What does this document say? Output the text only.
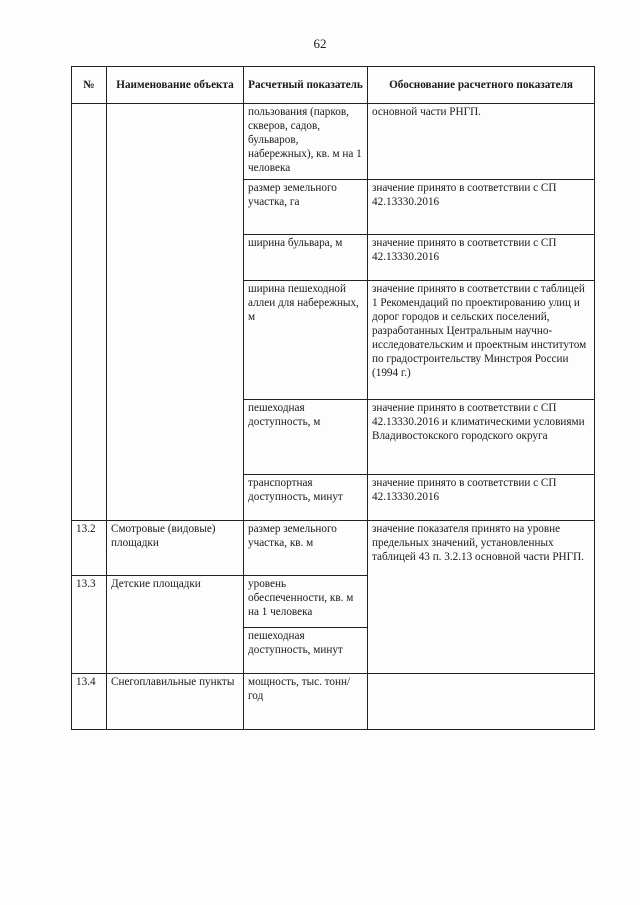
62
№	Наименование объекта	Расчетный показатель	Обоснование расчетного показателя
		пользования (парков, скверов, садов, бульваров, набережных), кв. м на 1 человека	основной части РНГП.
		размер земельного участка, га	значение принято в соответствии с СП 42.13330.2016
		ширина бульвара, м	значение принято в соответствии с СП 42.13330.2016
		ширина пешеходной аллеи для набережных, м	значение принято в соответствии с таблицей 1 Рекомендаций по проектированию улиц и дорог городов и сельских поселений, разработанных Центральным научно-исследовательским и проектным институтом по градостроительству Минстроя России (1994 г.)
		пешеходная доступность, м	значение принято в соответствии с СП 42.13330.2016 и климатическими условиями Владивостокского городского округа
		транспортная доступность, минут	значение принято в соответствии с СП 42.13330.2016
13.2	Смотровые (видовые) площадки	размер земельного участка, кв. м	значение показателя принято на уровне предельных значений, установленных таблицей 43 п. 3.2.13 основной части РНГП.
13.3	Детские площадки	уровень обеспеченности, кв. м на 1 человека	
		пешеходная доступность, минут	
13.4	Снегоплавильные пункты	мощность, тыс. тонн/ год	
